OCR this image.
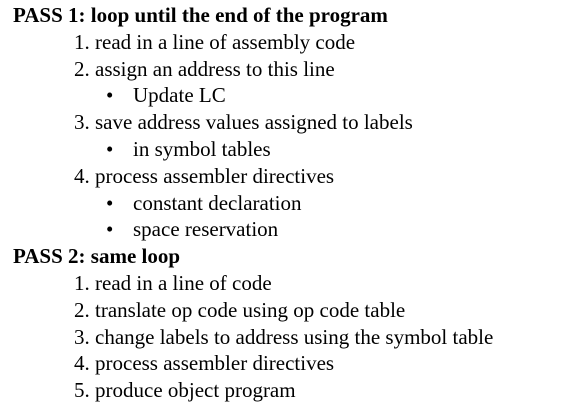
PASS 1: loop until the end of the program
1. read in a line of assembly code
2. assign an address to this line
• Update LC
3. save address values assigned to labels
• in symbol tables
4. process assembler directives
• constant declaration
• space reservation
PASS 2: same loop
1. read in a line of code
2. translate op code using op code table
3. change labels to address using the symbol table
4. process assembler directives
5. produce object program
